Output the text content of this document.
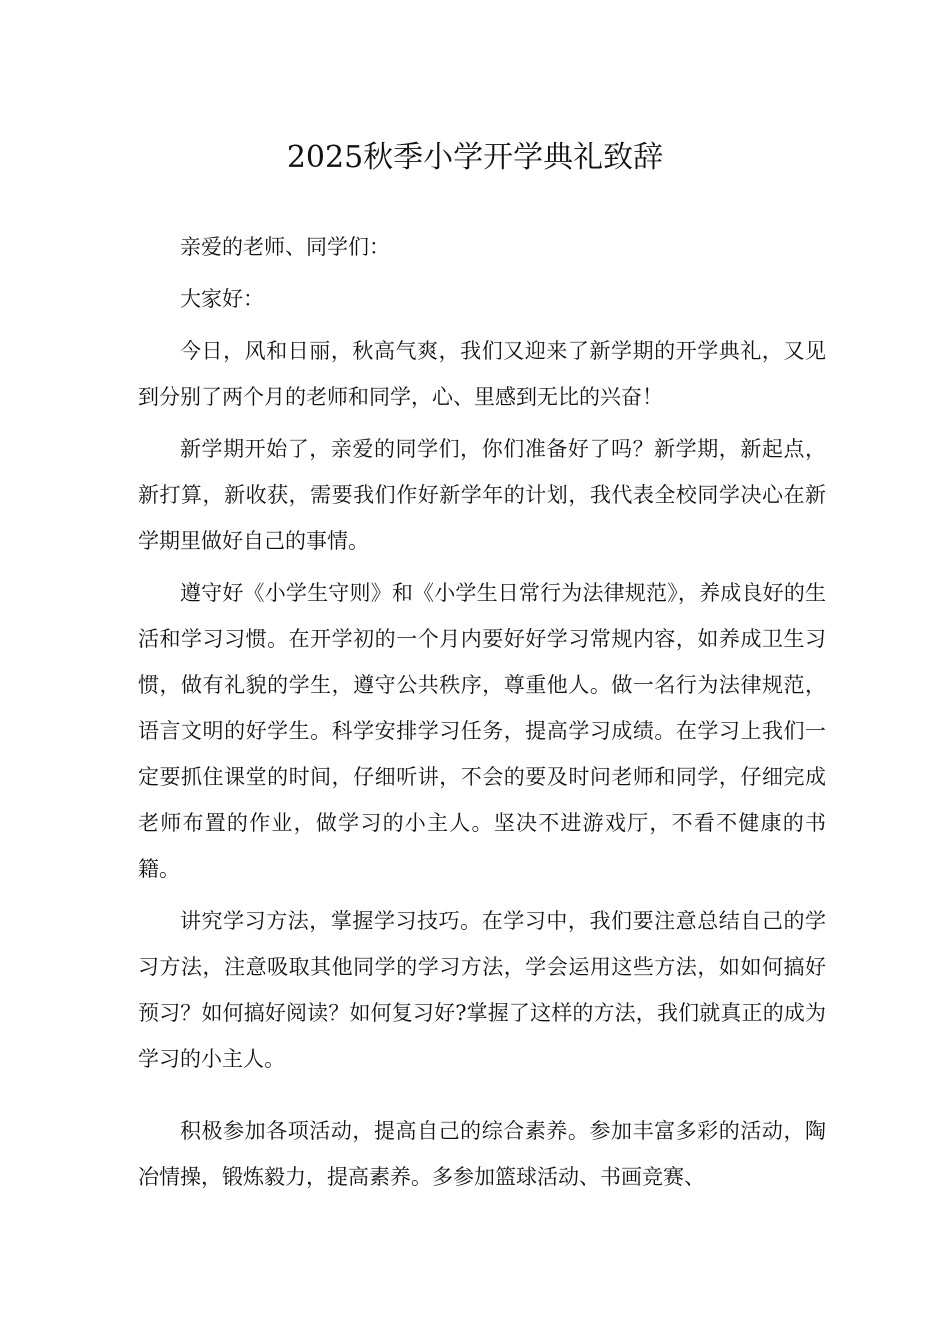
2025秋季小学开学典礼致辞

亲爱的老师、同学们：

大家好：

今日，风和日丽，秋高气爽，我们又迎来了新学期的开学典礼，又见到分别了两个月的老师和同学，心、里感到无比的兴奋！

新学期开始了，亲爱的同学们，你们准备好了吗？新学期，新起点，新打算，新收获，需要我们作好新学年的计划，我代表全校同学决心在新学期里做好自己的事情。

遵守好《小学生守则》和《小学生日常行为法律规范》，养成良好的生活和学习习惯。在开学初的一个月内要好好学习常规内容，如养成卫生习惯，做有礼貌的学生，遵守公共秩序，尊重他人。做一名行为法律规范，语言文明的好学生。科学安排学习任务，提高学习成绩。在学习上我们一定要抓住课堂的时间，仔细听讲，不会的要及时问老师和同学，仔细完成老师布置的作业，做学习的小主人。坚决不进游戏厅，不看不健康的书籍。

讲究学习方法，掌握学习技巧。在学习中，我们要注意总结自己的学习方法，注意吸取其他同学的学习方法，学会运用这些方法，如如何搞好预习？如何搞好阅读？如何复习好?掌握了这样的方法，我们就真正的成为学习的小主人。

积极参加各项活动，提高自己的综合素养。参加丰富多彩的活动，陶冶情操，锻炼毅力，提高素养。多参加篮球活动、书画竞赛、
